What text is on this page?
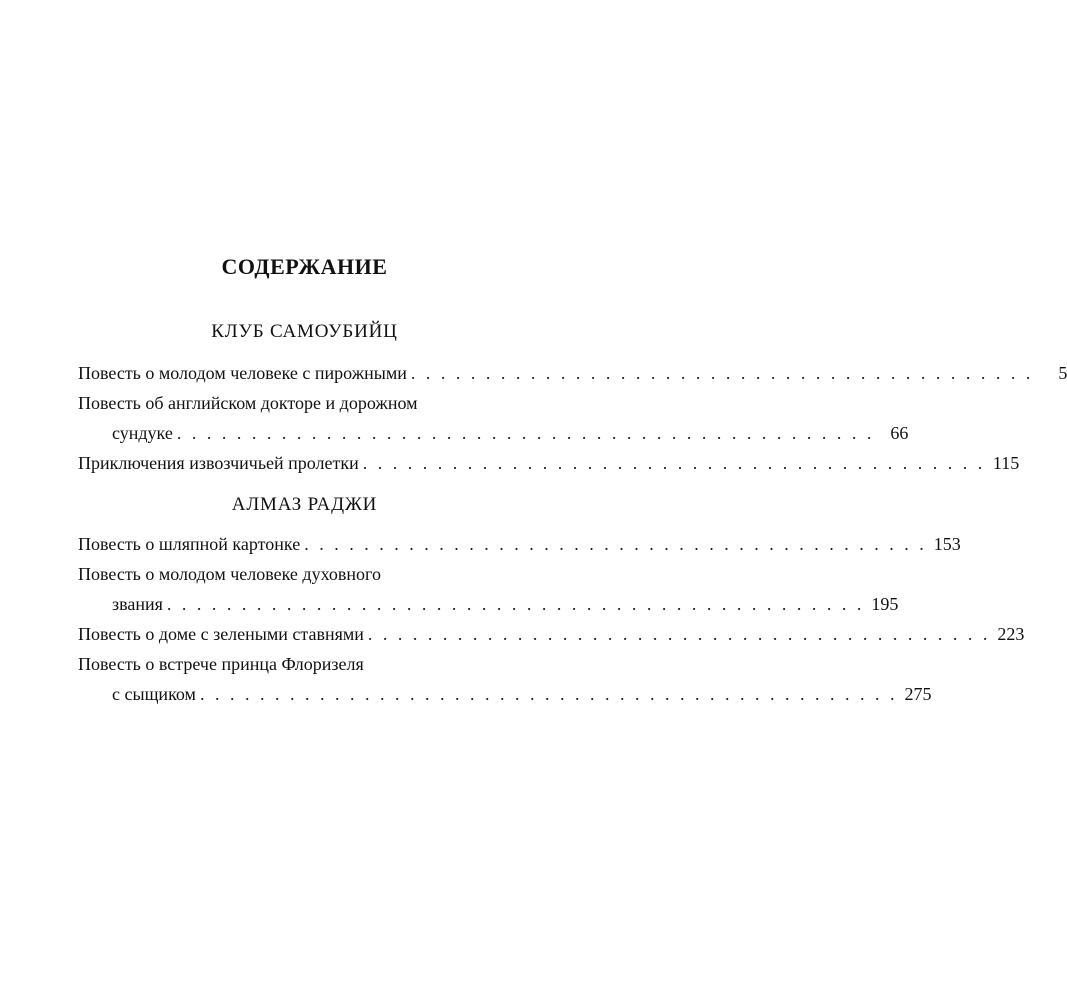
СОДЕРЖАНИЕ
КЛУБ САМОУБИЙЦ
Повесть о молодом человеке с пирожными . . . . . . . . . . . . . . . . . . . . . . . . . . . . . . . . . . . . . . . . . .	5
Повесть об английском докторе и дорожном
сундуке . . . . . . . . . . . . . . . . . . . . . . . . . . . . . . . . . . . . . . . . . . . . . . . 66
Приключения извозчичьей пролетки . . . . . . . . . . . . . . . . . . . . . . . . . . . . . . . . . . . . . . . . . . 115
АЛМАЗ РАДЖИ
Повесть о шляпной картонке . . . . . . . . . . . . . . . . . . . . . . . . . . . . . . . . . . . . . . . . . . 153
Повесть о молодом человеке духовного
звания . . . . . . . . . . . . . . . . . . . . . . . . . . . . . . . . . . . . . . . . . . . . . . . 195
Повесть о доме с зелеными ставнями . . . . . . . . . . . . . . . . . . . . . . . . . . . . . . . . . . . . . . . . . . 223
Повесть о встрече принца Флоризеля
с сыщиком . . . . . . . . . . . . . . . . . . . . . . . . . . . . . . . . . . . . . . . . . . . . . . . 275
